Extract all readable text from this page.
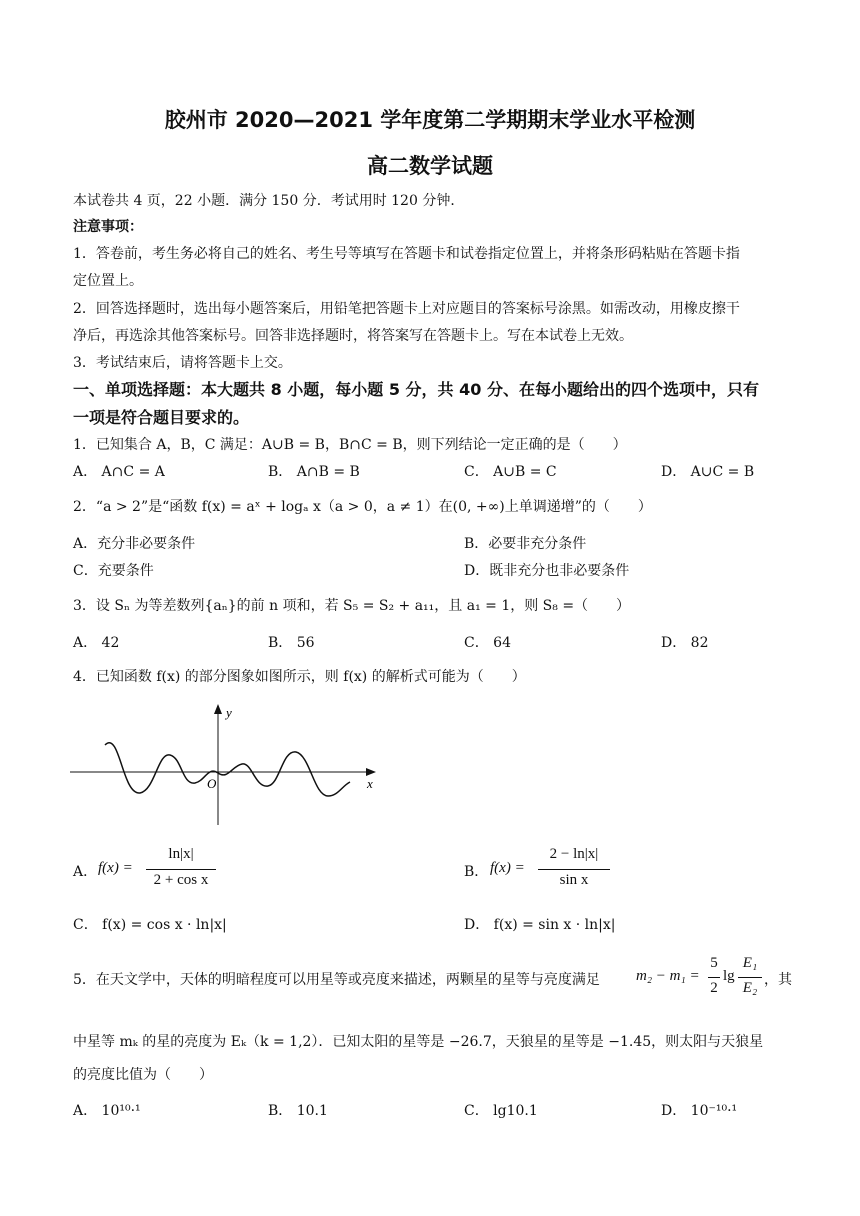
胶州市 2020—2021 学年度第二学期期末学业水平检测
高二数学试题
本试卷共 4 页，22 小题．满分 150 分．考试用时 120 分钟．
注意事项：
1．答卷前，考生务必将自己的姓名、考生号等填写在答题卡和试卷指定位置上，并将条形码粘贴在答题卡指
定位置上。
2．回答选择题时，选出每小题答案后，用铅笔把答题卡上对应题目的答案标号涂黑。如需改动，用橡皮擦干
净后，再选涂其他答案标号。回答非选择题时，将答案写在答题卡上。写在本试卷上无效。
3．考试结束后，请将答题卡上交。
一、单项选择题：本大题共 8 小题，每小题 5 分，共 40 分、在每小题给出的四个选项中，只有
一项是符合题目要求的。
1．已知集合 A，B，C 满足：A∪B = B，B∩C = B，则下列结论一定正确的是（　　）
A． A∩C = A	B． A∩B = B	C． A∪B = C	D． A∪C = B
2．“a > 2”是“函数 f(x) = aˣ + logₐ x（a > 0，a ≠ 1）在(0, +∞)上单调递增”的（　　）
A．充分非必要条件	B．必要非充分条件
C．充要条件	D．既非充分也非必要条件
3．设 Sₙ 为等差数列{aₙ}的前 n 项和，若 S₅ = S₂ + a₁₁，且 a₁ = 1，则 S₈ =（　　）
A． 42	B． 56	C． 64	D． 82
4．已知函数 f(x) 的部分图象如图所示，则 f(x) 的解析式可能为（　　）
y
x
O
A． f(x) =
ln|x|
2 + cos x	B． f(x) =
2 − ln|x|
sin x
C． f(x) = cos x · ln|x|	D． f(x) = sin x · ln|x|
5．在天文学中，天体的明暗程度可以用星等或亮度来描述，两颗星的星等与亮度满足 m₂ − m₁ =
5
2
lg
E₁
E₂ ，其
中星等 mₖ 的星的亮度为 Eₖ（k = 1,2）．已知太阳的星等是 −26.7，天狼星的星等是 −1.45，则太阳与天狼星
的亮度比值为（　　）
A． 10¹⁰·¹	B． 10.1	C． lg10.1	D． 10⁻¹⁰·¹
